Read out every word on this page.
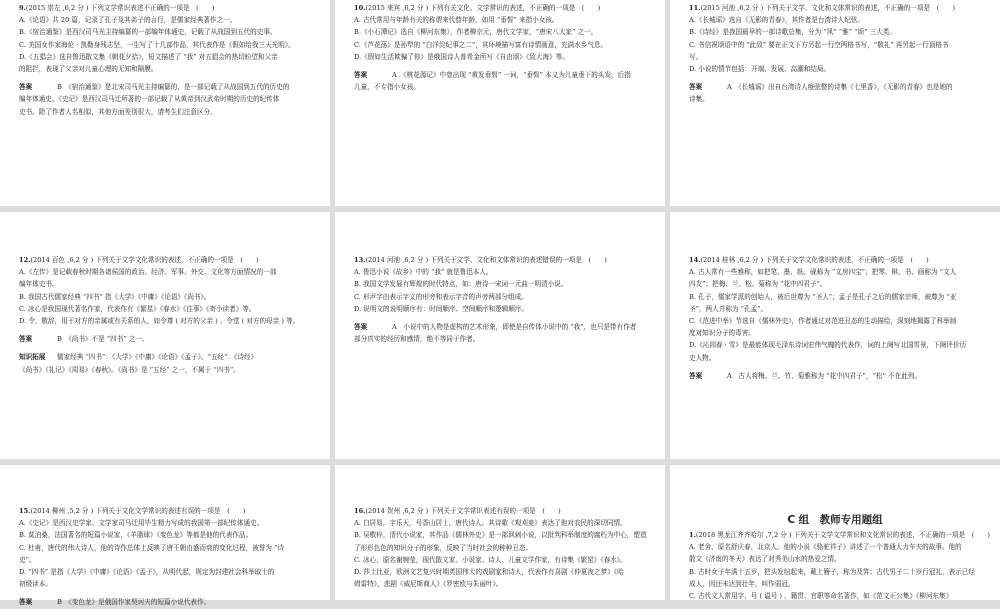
9.(2015 崇左 ,6,2 分 ) 下列文学常识表述不正确的一项是　(　　)
A.《论语》共 20 篇，记录了孔子及其弟子的言行，是儒家经典著作之一。
B.《宿治通鉴》是西汉司马光主持编纂的一部编年体通史，记载了从战国到五代的史事。
C. 美国女作家海伦 · 凯勒身残志坚，一生写了十几部作品，其代表作是《假如给我三天光明》。
D.《五猖会》选自鲁迅散文集《朝花夕拾》，短文描述了 “我” 对五猖会的热切盼望和父亲
的阻拦，表现了父亲对儿童心理的无知和隔膜。
答案	B　《宿治通鉴》是北宋司马光主持编纂的，是一部记载了从战国到五代的历史的
编年体通史。《史记》是西汉司马迁所著的一部记载了从黄帝到汉武帝时期的历史的纪传体
史书。除了作者人名相似，其他方面差别很大，请考生们注意区分。
10.(2015 来宾 ,6,2 分 ) 下列有关文化、文学常识的表述，不正确的一项是　(　　)
A. 古代常用与年龄有关的称谓来代替年龄，如用 “垂髫” 来指小女孩。
B.《小石潭记》选自《柳河东集》，作者柳宗元，唐代文学家，“唐宋八大家” 之一。
C.《芦花荡》是孙犁的 “白洋淀纪事之二”，其环境描写富有诗情画意，充满水乡气息。
D.《假如生活欺骗了你》是俄国诗人普希金所写《自由颂》《致大海》等。
答案	A　《桃花源记》中曾出现 “黄发垂髫” 一词，“垂髫” 本义为儿童垂下的头发，后指
儿童，不专指小女孩。
11.(2015 河池 ,6,2 分 ) 下列关于文学、文化和文体常识的表述，不正确的一项是　(　　)
A.《长城谣》选自《无影的青春》，其作者是台湾诗人纪弦。
B.《诗经》是我国最早的一部诗歌总集，分为 “风” “雅” “颂” 三大类。
C. 书信祝颂语中的 “此致” 要在正文下方另起一行空两格书写，“敬礼” 再另起一行顶格书
写。
D. 小说的情节包括：开端、发展、高潮和结局。
答案	A　《长城谣》出自台湾诗人痖弦整的诗集《七里香》，《无影的青春》也是她的
诗集。
12.(2014 百色 ,6,2 分 ) 下列关于文学文化常识的表述，不正确的一项是　(　　)
A.《左传》是记载春秋时期各诸侯国的政治、经济、军事、外交、文化等方面情况的一部
编年体史书。
B. 我国古代儒家经典 “四书” 指《大学》《中庸》《论语》《尚书》。
C. 冰心是我国现代著名作家，代表作有《繁星》《春水》《往事》《寄小读者》等。
D. 令，敬辞，用于对方的亲属或有关系的人，如令尊 ( 对方的父亲 ) 、令堂 ( 对方的母亲 ) 等。
答案	B　《尚书》不是 “四书” 之一。
知识拓展 儒家经典 “四书”：《大学》《中庸》《论语》《孟子》。“五经”：《诗经》
《尚书》《礼记》《周易》《春秋》。《尚书》是 “五经” 之一，不属于 “四书”。
13.(2014 河池 ,6,2 分 ) 下列关于文学、文化和文体常识的表述错误的一项是　(　　)
A. 鲁迅小说《故乡》中的 “我” 就是鲁迅本人。
B. 我国文学发展有辉煌的时代特点，如：唐诗一宋词一元曲一明清小说。
C. 形声字由表示字义的形旁和表示字音的声旁两部分组成。
D. 说明文的说明顺序有：时间顺序、空间顺序和逻辑顺序。
答案	A　小说中的人物是虚构的艺术形象，即使是自传体小说中的 “我”，也只是带有作者
部分真实的经历和感情，绝不等同于作者。
14.(2014 桂林 ,6,2 分 ) 下列关于文学文化常识的表述，不正确的一项是　(　　)
A. 古人常有一些雅称，如把笔、墨、纸、砚称为 “文房四宝”；把琴、棋、书、画称为 “文人
四友”；把梅、兰、松、菊称为 “花中四君子”。
B. 孔子，儒家学派的创始人，被后世尊为 “圣人”；孟子是孔子之后的儒家宗师，被尊为 “亚
圣”，两人并称为 “孔孟”。
C.《范进中举》节选自《儒林外史》，作者通过对范进丑态的生动描绘，深刻地揭露了科举制
度对知识分子的毒害。
D.《沁园春 · 雪》是最能体现毛泽东诗词宏伟气魄的代表作，词的上阕写北国雪景，下阕评价历
史人物。
答案	A　古人将梅、兰、竹、菊雅称为 “花中四君子”，“松” 不在此列。
15.(2014 柳州 ,5,2 分 ) 下列关于文化文学常识的表述有误的一项是　(　　)
A.《史记》是西汉史学家、文学家司马迁用毕生精力写成的我国第一部纪传体通史。
B. 莫泊桑，法国著名的短篇小说家，《羊脂球》《变色龙》等都是他的代表作品。
C. 杜甫，唐代的伟大诗人，他的诗作总体上反映了唐王朝由盛而衰的变化过程，被誉为 “诗
史”。
D. “四书” 是指《大学》《中庸》《论语》《孟子》，从明代起，规定为封建社会科举取士的
初级读本。
答案	B　《变色龙》是俄国作家契诃夫的短篇小说代表作。
16.(2014 贺州 ,6,2 分 ) 下列关于文学常识表述有误的一项是　(　　)
A. 白居易，字乐天，号香山居士，唐代诗人。其诗歌《观刈麦》表达了他对农民的深切同情。
B. 吴敬梓，清代小说家，其作品《儒林外史》是一部讽刺小说，以批判科举制度的腐朽为中心，塑造了形形色色的知识分子的形象，反映了当时社会的种种丑态。
C. 冰心，原名谢婉莹，现代散文家、小说家、诗人、儿童文学作家，有诗集《繁星》《春水》。
D. 莎士比亚，欧洲文艺复兴时期英国伟大的戏剧家和诗人，代表作有喜剧《仲夏夜之梦》《哈
姆雷特》，悲剧《威尼斯商人》《罗密欧与朱丽叶》。
C 组　教师专用题组
1.(2018 黑龙江齐齐哈尔 ,7,2 分 ) 下列关于文学文学常识和文化常识的表述，不正确的一项是　(　　)
A. 老舍，原名舒庆春，北京人。他的小说《骆驼祥子》讲述了一个普通人力车夫的故事。他的
散文《济南的冬天》表达了对秀美山水的热爱之情。
B. 古时女子年满十五岁，把头发绾起来，戴上簪子，称为及笄；古代男子二十岁行冠礼，表示已经
成人，因还未达到壮年，叫作弱冠。
C. 古代文人常用字、号 ( 谥号 ) 、籍贯、官职等命名著作，如《范文正公集》《柳河东集》
